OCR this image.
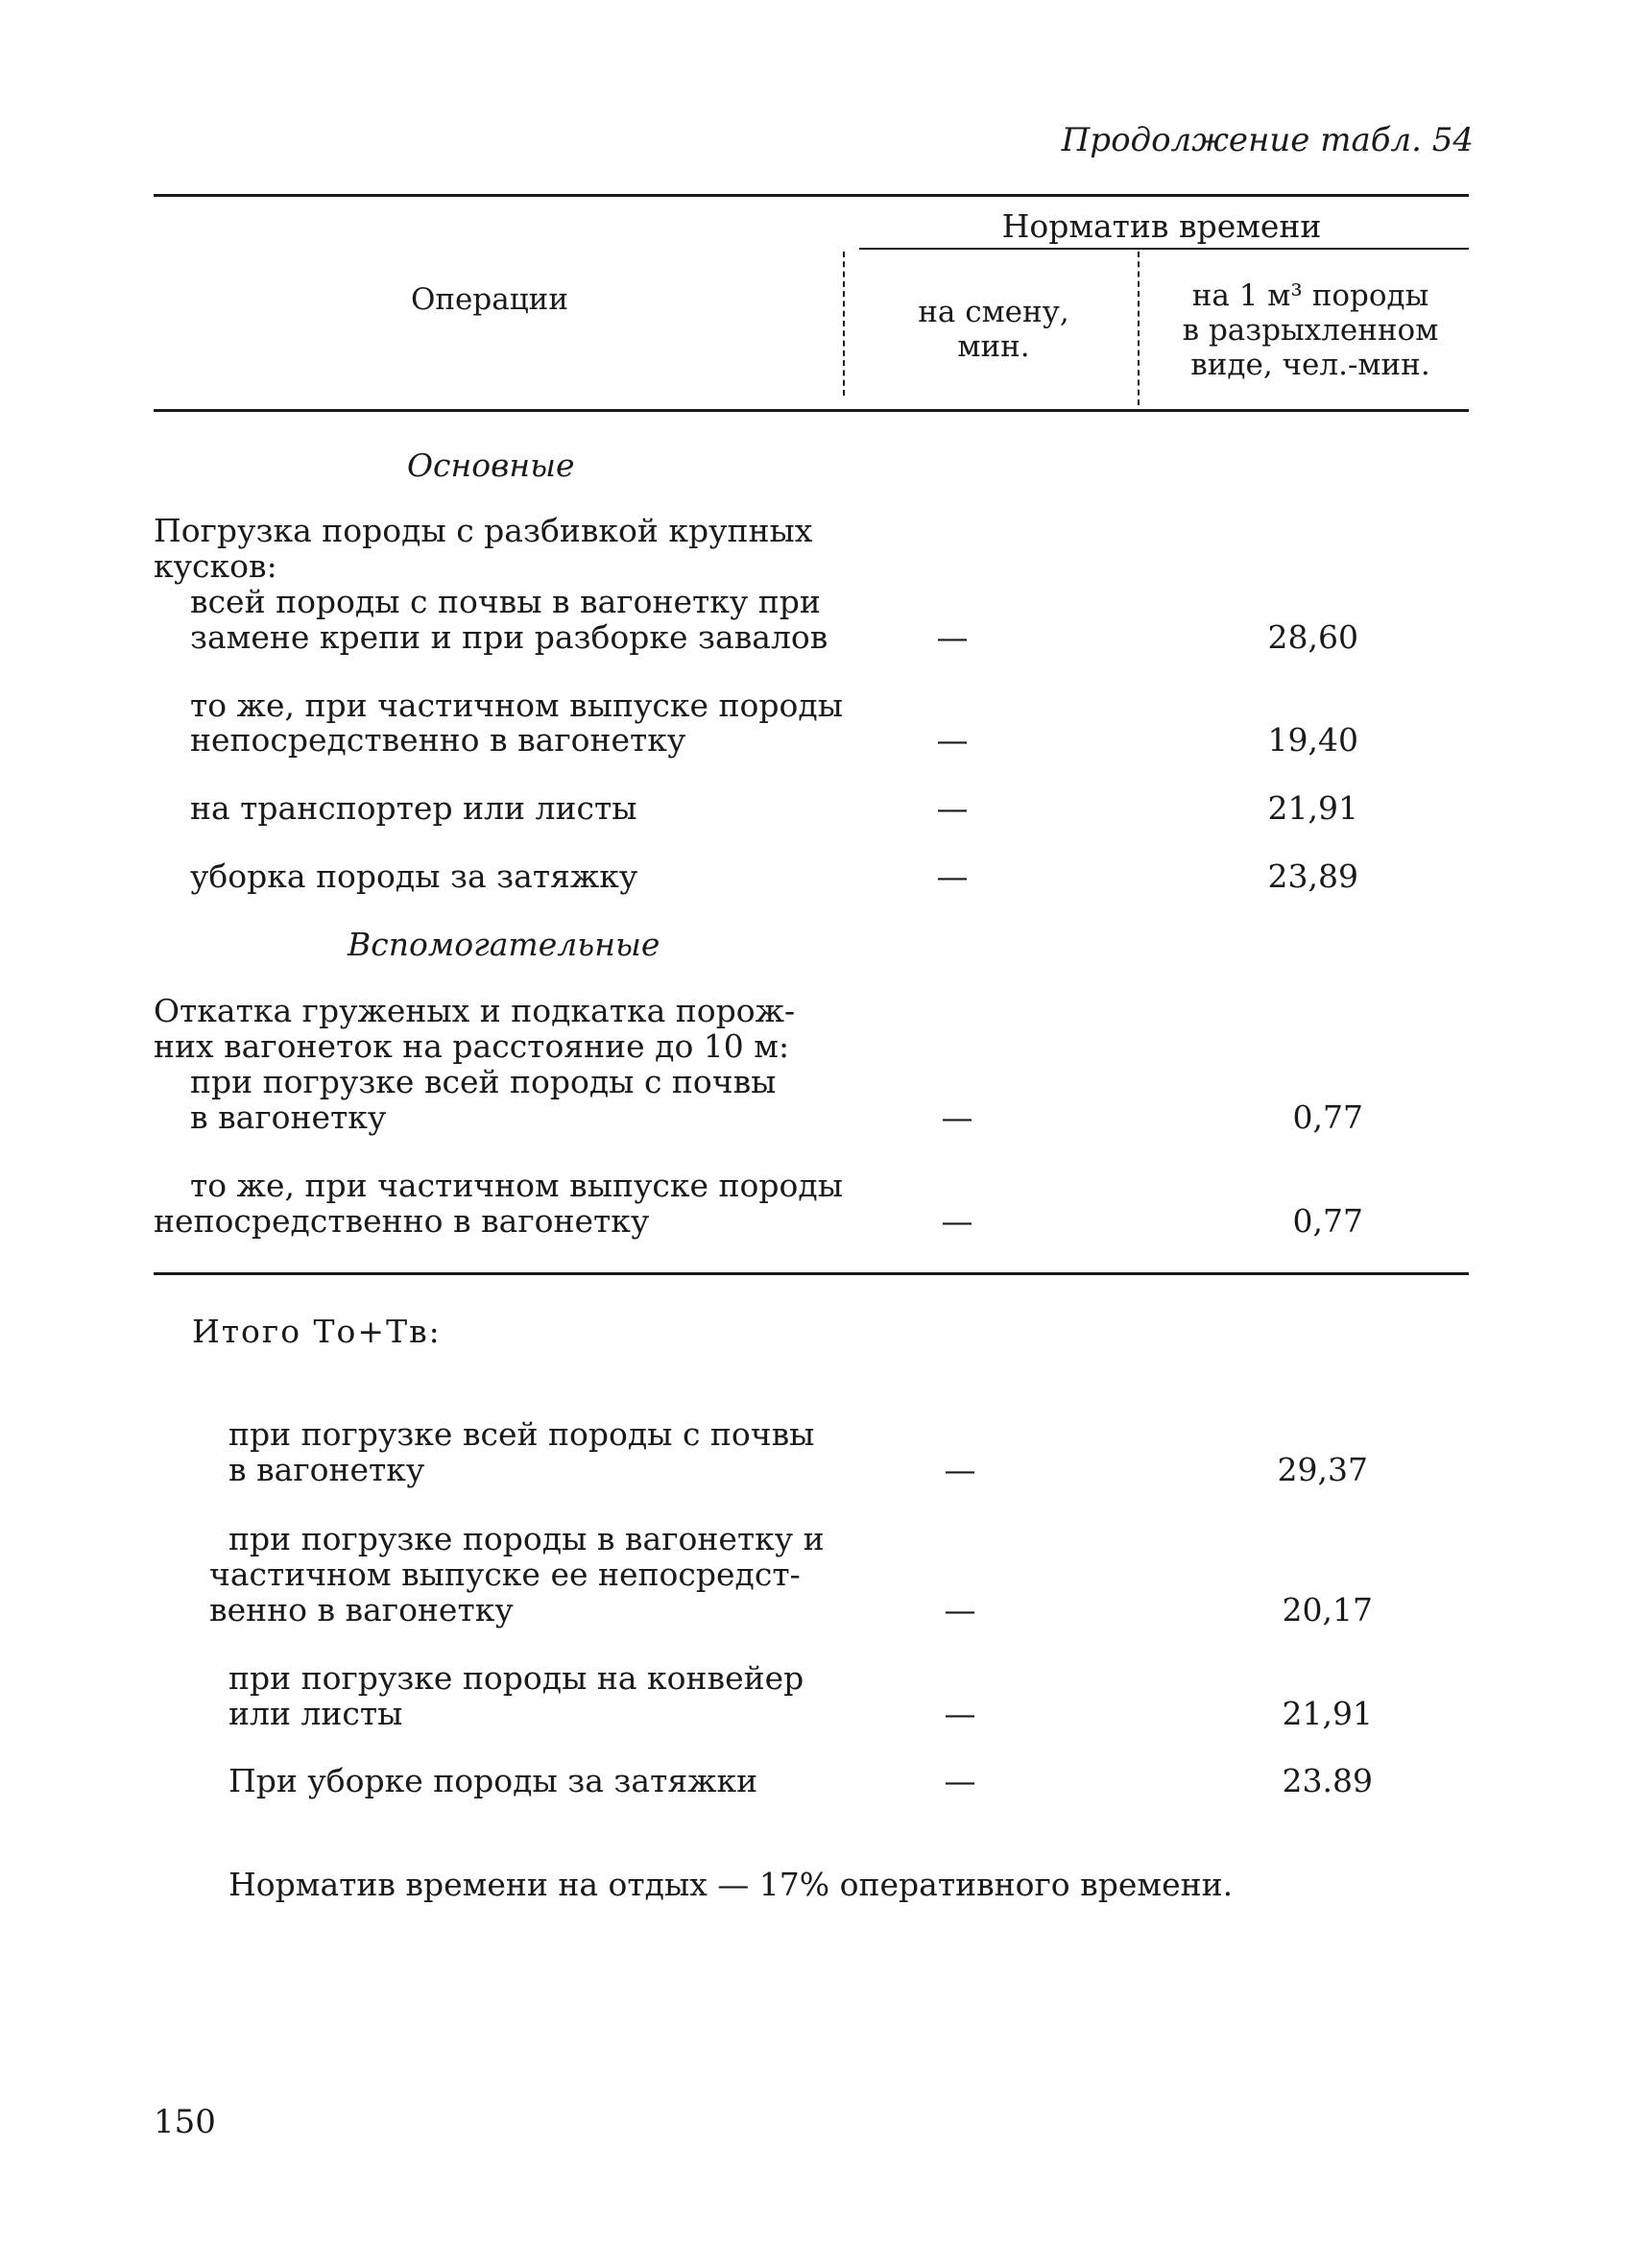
Продолжение табл. 54
Операции
Норматив времени
на смену,
мин.
на 1 м³ породы
в разрыхленном
виде, чел.-мин.
Основные
Погрузка породы с разбивкой крупных
кусков:
всей породы с почвы в вагонетку при
замене крепи и при разборке завалов	—	28,60
то же, при частичном выпуске породы
непосредственно в вагонетку	—	19,40
на транспортер или листы	—	21,91
уборка породы за затяжку	—	23,89
Вспомогательные
Откатка груженых и подкатка порож-
них вагонеток на расстояние до 10 м:
при погрузке всей породы с почвы
в вагонетку	—	0,77
то же, при частичном выпуске породы
непосредственно в вагонетку	—	0,77
Итого Tо+Tв:
при погрузке всей породы с почвы
в вагонетку	—	29,37
при погрузке породы в вагонетку и
частичном выпуске ее непосредст-
венно в вагонетку	—	20,17
при погрузке породы на конвейер
или листы	—	21,91
При уборке породы за затяжки	—	23.89
Норматив времени на отдых — 17% оперативного времени.
150
